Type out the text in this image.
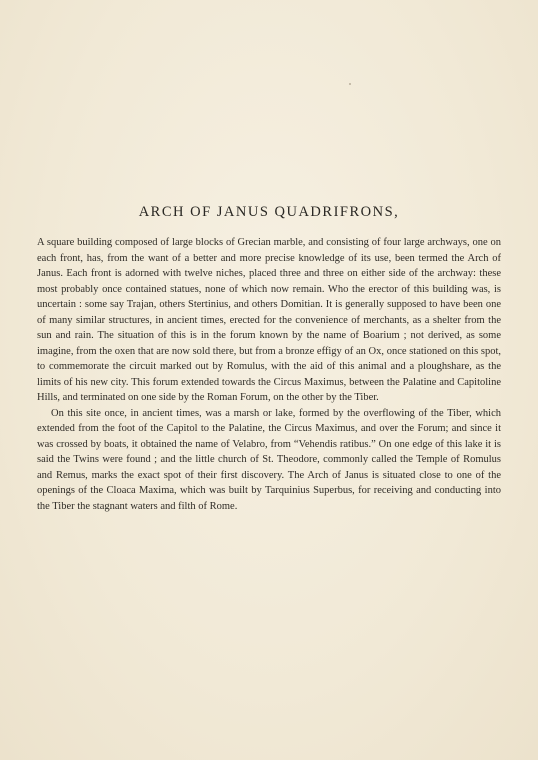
ARCH OF JANUS QUADRIFRONS,

A square building composed of large blocks of Grecian marble, and consisting of four large archways, one on each front, has, from the want of a better and more precise knowledge of its use, been termed the Arch of Janus. Each front is adorned with twelve niches, placed three and three on either side of the archway: these most probably once contained statues, none of which now remain. Who the erector of this building was, is uncertain : some say Trajan, others Stertinius, and others Domitian. It is generally supposed to have been one of many similar structures, in ancient times, erected for the convenience of merchants, as a shelter from the sun and rain. The situation of this is in the forum known by the name of Boarium ; not derived, as some imagine, from the oxen that are now sold there, but from a bronze effigy of an Ox, once stationed on this spot, to commemorate the circuit marked out by Romulus, with the aid of this animal and a ploughshare, as the limits of his new city. This forum extended towards the Circus Maximus, between the Palatine and Capitoline Hills, and terminated on one side by the Roman Forum, on the other by the Tiber.

On this site once, in ancient times, was a marsh or lake, formed by the overflowing of the Tiber, which extended from the foot of the Capitol to the Palatine, the Circus Maximus, and over the Forum; and since it was crossed by boats, it obtained the name of Velabro, from “Vehendis ratibus.” On one edge of this lake it is said the Twins were found ; and the little church of St. Theodore, commonly called the Temple of Romulus and Remus, marks the exact spot of their first discovery. The Arch of Janus is situated close to one of the openings of the Cloaca Maxima, which was built by Tarquinius Superbus, for receiving and conducting into the Tiber the stagnant waters and filth of Rome.
